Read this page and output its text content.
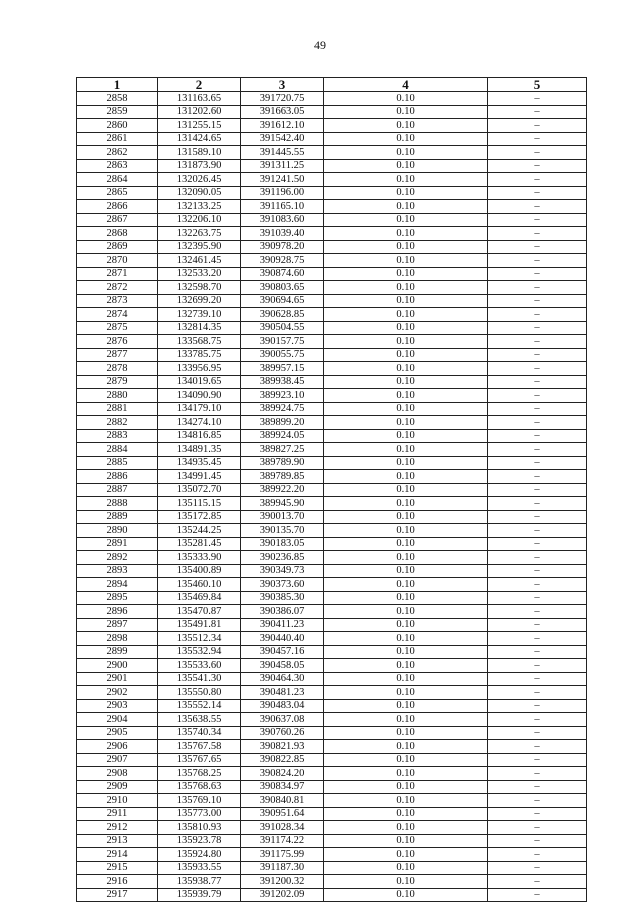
49
1	2	3	4	5
2858	131163.65	391720.75	0.10	–
2859	131202.60	391663.05	0.10	–
2860	131255.15	391612.10	0.10	–
2861	131424.65	391542.40	0.10	–
2862	131589.10	391445.55	0.10	–
2863	131873.90	391311.25	0.10	–
2864	132026.45	391241.50	0.10	–
2865	132090.05	391196.00	0.10	–
2866	132133.25	391165.10	0.10	–
2867	132206.10	391083.60	0.10	–
2868	132263.75	391039.40	0.10	–
2869	132395.90	390978.20	0.10	–
2870	132461.45	390928.75	0.10	–
2871	132533.20	390874.60	0.10	–
2872	132598.70	390803.65	0.10	–
2873	132699.20	390694.65	0.10	–
2874	132739.10	390628.85	0.10	–
2875	132814.35	390504.55	0.10	–
2876	133568.75	390157.75	0.10	–
2877	133785.75	390055.75	0.10	–
2878	133956.95	389957.15	0.10	–
2879	134019.65	389938.45	0.10	–
2880	134090.90	389923.10	0.10	–
2881	134179.10	389924.75	0.10	–
2882	134274.10	389899.20	0.10	–
2883	134816.85	389924.05	0.10	–
2884	134891.35	389827.25	0.10	–
2885	134935.45	389789.90	0.10	–
2886	134991.45	389789.85	0.10	–
2887	135072.70	389922.20	0.10	–
2888	135115.15	389945.90	0.10	–
2889	135172.85	390013.70	0.10	–
2890	135244.25	390135.70	0.10	–
2891	135281.45	390183.05	0.10	–
2892	135333.90	390236.85	0.10	–
2893	135400.89	390349.73	0.10	–
2894	135460.10	390373.60	0.10	–
2895	135469.84	390385.30	0.10	–
2896	135470.87	390386.07	0.10	–
2897	135491.81	390411.23	0.10	–
2898	135512.34	390440.40	0.10	–
2899	135532.94	390457.16	0.10	–
2900	135533.60	390458.05	0.10	–
2901	135541.30	390464.30	0.10	–
2902	135550.80	390481.23	0.10	–
2903	135552.14	390483.04	0.10	–
2904	135638.55	390637.08	0.10	–
2905	135740.34	390760.26	0.10	–
2906	135767.58	390821.93	0.10	–
2907	135767.65	390822.85	0.10	–
2908	135768.25	390824.20	0.10	–
2909	135768.63	390834.97	0.10	–
2910	135769.10	390840.81	0.10	–
2911	135773.00	390951.64	0.10	–
2912	135810.93	391028.34	0.10	–
2913	135923.78	391174.22	0.10	–
2914	135924.80	391175.99	0.10	–
2915	135933.55	391187.30	0.10	–
2916	135938.77	391200.32	0.10	–
2917	135939.79	391202.09	0.10	–
